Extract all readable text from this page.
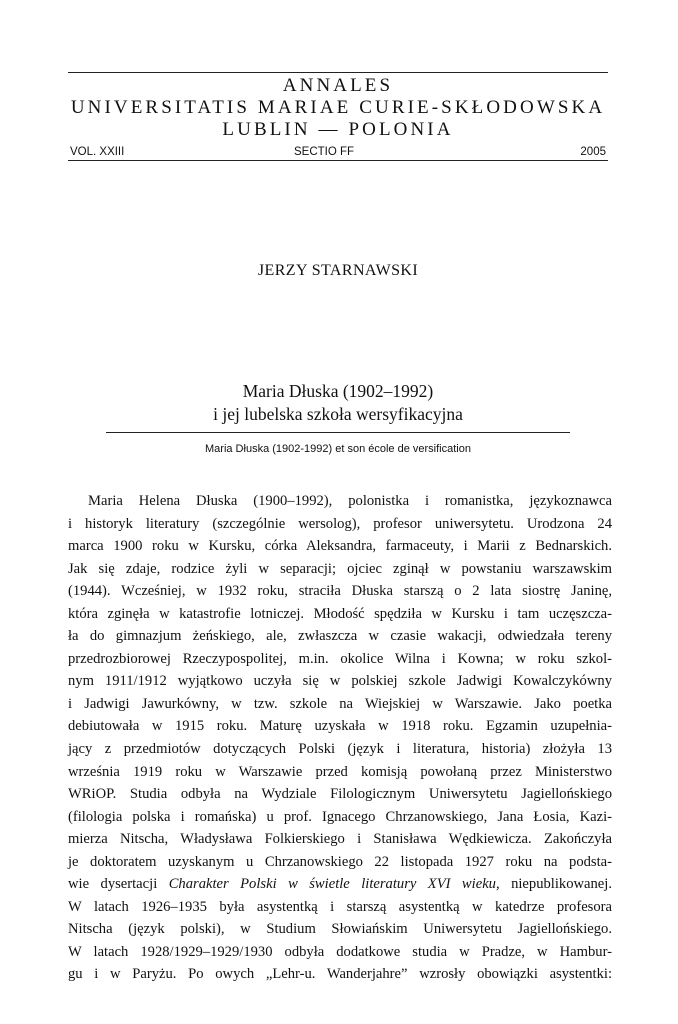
ANNALES
UNIVERSITATIS MARIAE CURIE-SKŁODOWSKA
LUBLIN — POLONIA
VOL. XXIII	SECTIO FF	2005
JERZY STARNAWSKI
Maria Dłuska (1902–1992)
i jej lubelska szkoła wersyfikacyjna
Maria Dłuska (1902-1992) et son école de versification
Maria Helena Dłuska (1900–1992), polonistka i romanistka, językoznawca
i historyk literatury (szczególnie wersolog), profesor uniwersytetu. Urodzona 24
marca 1900 roku w Kursku, córka Aleksandra, farmaceuty, i Marii z Bednarskich.
Jak się zdaje, rodzice żyli w separacji; ojciec zginął w powstaniu warszawskim
(1944). Wcześniej, w 1932 roku, straciła Dłuska starszą o 2 lata siostrę Janinę,
która zginęła w katastrofie lotniczej. Młodość spędziła w Kursku i tam uczęszcza-
ła do gimnazjum żeńskiego, ale, zwłaszcza w czasie wakacji, odwiedzała tereny
przedrozbiorowej Rzeczypospolitej, m.in. okolice Wilna i Kowna; w roku szkol-
nym 1911/1912 wyjątkowo uczyła się w polskiej szkole Jadwigi Kowalczykówny
i Jadwigi Jawurkówny, w tzw. szkole na Wiejskiej w Warszawie. Jako poetka
debiutowała w 1915 roku. Maturę uzyskała w 1918 roku. Egzamin uzupełnia-
jący z przedmiotów dotyczących Polski (język i literatura, historia) złożyła 13
września 1919 roku w Warszawie przed komisją powołaną przez Ministerstwo
WRiOP. Studia odbyła na Wydziale Filologicznym Uniwersytetu Jagiellońskiego
(filologia polska i romańska) u prof. Ignacego Chrzanowskiego, Jana Łosia, Kazi-
mierza Nitscha, Władysława Folkierskiego i Stanisława Wędkiewicza. Zakończyła
je doktoratem uzyskanym u Chrzanowskiego 22 listopada 1927 roku na podsta-
wie dysertacji Charakter Polski w świetle literatury XVI wieku, niepublikowanej.
W latach 1926–1935 była asystentką i starszą asystentką w katedrze profesora
Nitscha (język polski), w Studium Słowiańskim Uniwersytetu Jagiellońskiego.
W latach 1928/1929–1929/1930 odbyła dodatkowe studia w Pradze, w Hambur-
gu i w Paryżu. Po owych „Lehr-u. Wanderjahre” wzrosły obowiązki asystentki:
